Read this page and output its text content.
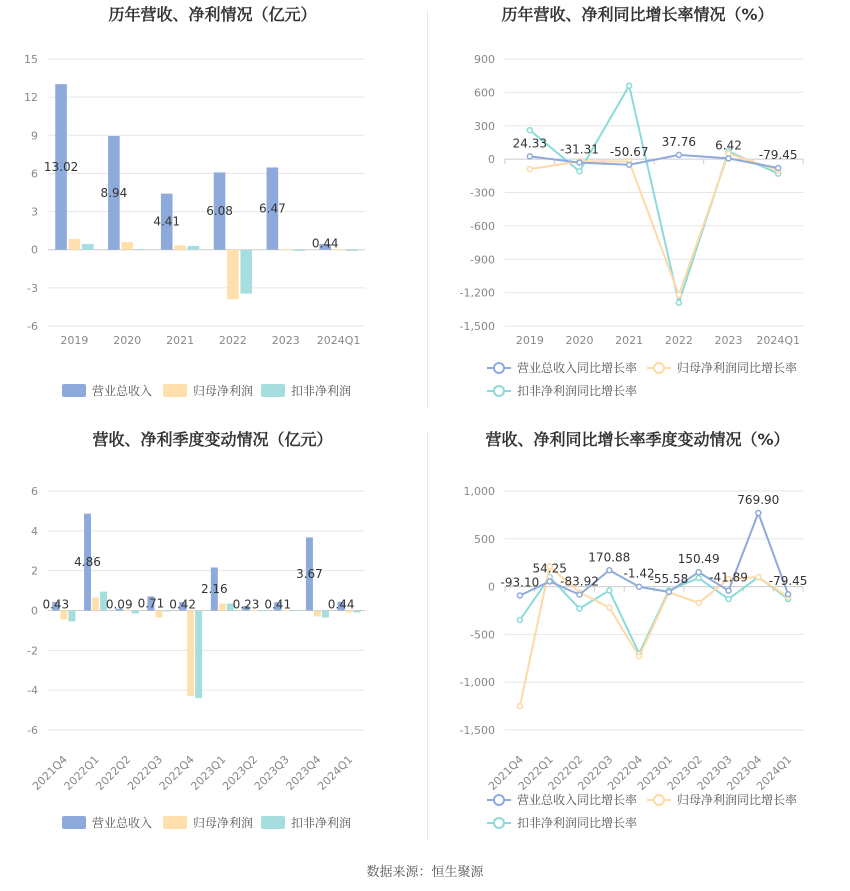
历年营收、净利情况（亿元）
15
12
9
6
3
0
-3
-6
2019 2020 2021 2022 2023 2024Q1
13.02
8.94
4.41
6.08 6.47
0.44
营业总收入	归母净利润	扣非净利润
历年营收、净利同比增长率情况（%）
900
600
300
0
-300
-600
-900
-1,200
-1,500
2019 2020 2021 2022 2023 2024Q1
24.33 -31.31 -50.67
37.76 6.42
-79.45
营业总收入同比增长率	归母净利润同比增长率
扣非净利润同比增长率
营收、净利季度变动情况（亿元）
6
4
2
0
-2
-4
-6
2021Q4
2022Q1
2022Q2
2022Q3
2022Q4
2023Q1
2023Q2
2023Q3
2023Q4
2024Q1
0.43
4.86
0.09 0.71 0.42
2.16
0.23 0.41
3.67
0.44
营业总收入	归母净利润	扣非净利润
营收、净利同比增长率季度变动情况（%）
1,000
500
0
-500
-1,000
-1,500
2021Q4
2022Q1
2022Q2
2022Q3
2022Q4
2023Q1
2023Q2
2023Q3
2023Q4
2024Q1
-93.10
54.25
-83.92
170.88
-1.42
-55.58
150.49
-41.89
769.90
-79.45
营业总收入同比增长率	归母净利润同比增长率
扣非净利润同比增长率
数据来源：恒生聚源
